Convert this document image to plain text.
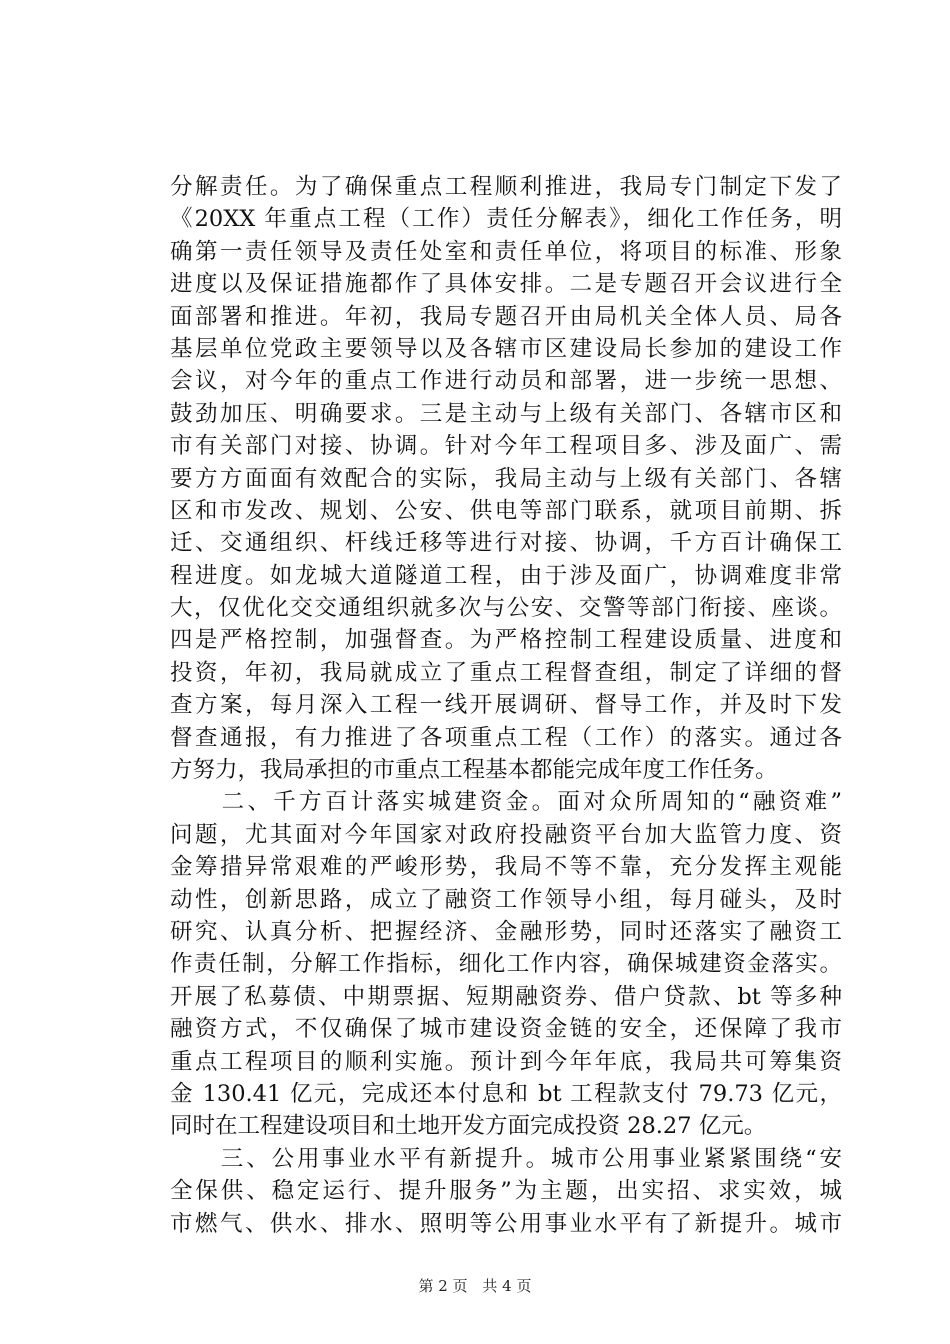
分解责任。为了确保重点工程顺利推进，我局专门制定下发了
《20XX 年重点工程（工作）责任分解表》，细化工作任务，明
确第一责任领导及责任处室和责任单位，将项目的标准、形象
进度以及保证措施都作了具体安排。二是专题召开会议进行全
面部署和推进。年初，我局专题召开由局机关全体人员、局各
基层单位党政主要领导以及各辖市区建设局长参加的建设工作
会议，对今年的重点工作进行动员和部署，进一步统一思想、
鼓劲加压、明确要求。三是主动与上级有关部门、各辖市区和
市有关部门对接、协调。针对今年工程项目多、涉及面广、需
要方方面面有效配合的实际，我局主动与上级有关部门、各辖
区和市发改、规划、公安、供电等部门联系，就项目前期、拆
迁、交通组织、杆线迁移等进行对接、协调，千方百计确保工
程进度。如龙城大道隧道工程，由于涉及面广，协调难度非常
大，仅优化交交通组织就多次与公安、交警等部门衔接、座谈。
四是严格控制，加强督查。为严格控制工程建设质量、进度和
投资，年初，我局就成立了重点工程督查组，制定了详细的督
查方案，每月深入工程一线开展调研、督导工作，并及时下发
督查通报，有力推进了各项重点工程（工作）的落实。通过各
方努力，我局承担的市重点工程基本都能完成年度工作任务。
　　二、千方百计落实城建资金。面对众所周知的“融资难”
问题，尤其面对今年国家对政府投融资平台加大监管力度、资
金筹措异常艰难的严峻形势，我局不等不靠，充分发挥主观能
动性，创新思路，成立了融资工作领导小组，每月碰头，及时
研究、认真分析、把握经济、金融形势，同时还落实了融资工
作责任制，分解工作指标，细化工作内容，确保城建资金落实。
开展了私募债、中期票据、短期融资券、借户贷款、bt 等多种
融资方式，不仅确保了城市建设资金链的安全，还保障了我市
重点工程项目的顺利实施。预计到今年年底，我局共可筹集资
金 130.41 亿元，完成还本付息和 bt 工程款支付 79.73 亿元，
同时在工程建设项目和土地开发方面完成投资 28.27 亿元。
　　三、公用事业水平有新提升。城市公用事业紧紧围绕“安
全保供、稳定运行、提升服务”为主题，出实招、求实效，城
市燃气、供水、排水、照明等公用事业水平有了新提升。城市
第 2 页 共 4 页
